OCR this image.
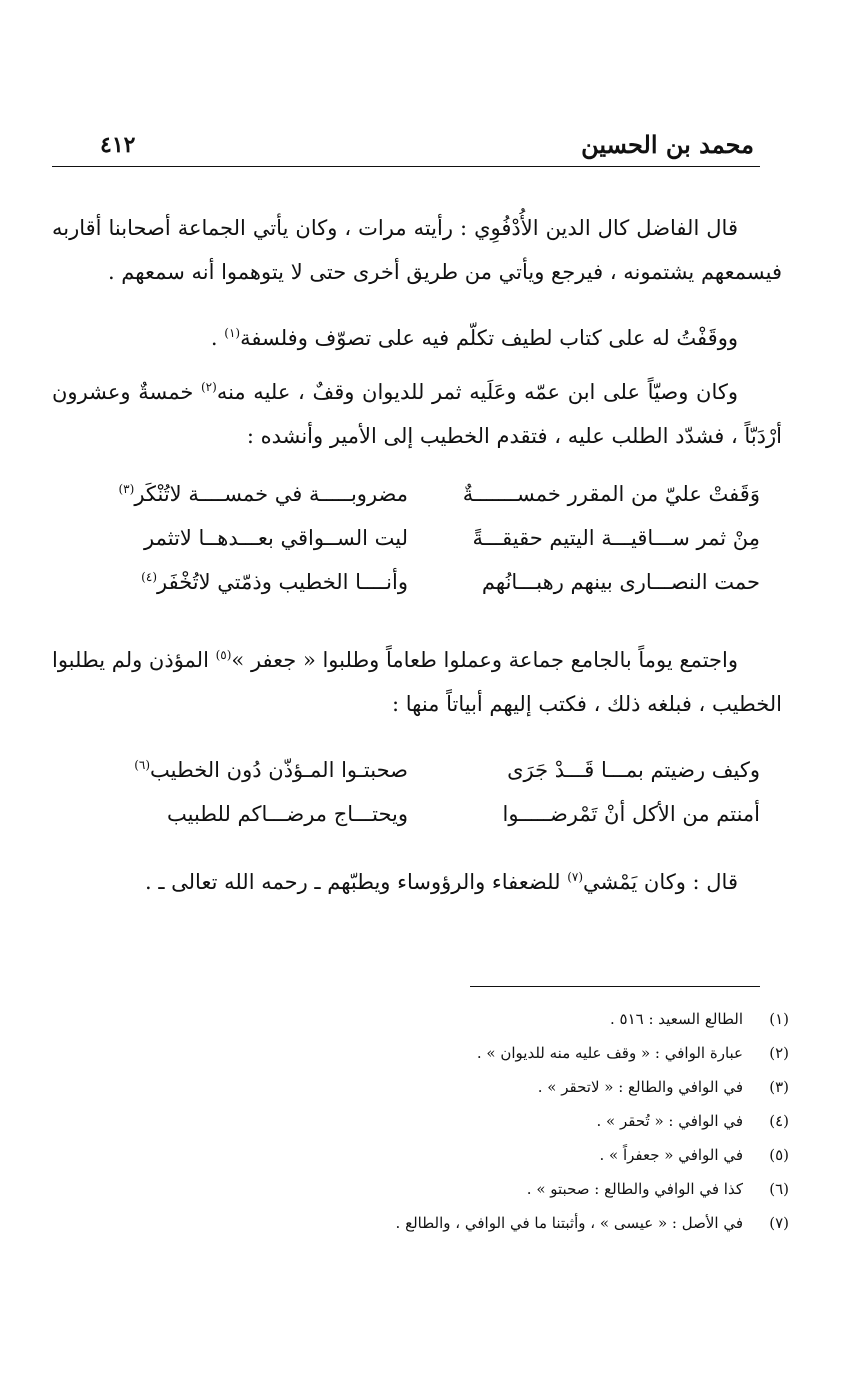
محمد بن الحسين
٤١٢
قال الفاضل كال الدين الأُدْفُوِي : رأيته مرات ، وكان يأتي الجماعة أصحابنا أقاربه فيسمعهم يشتمونه ، فيرجع ويأتي من طريق أخرى حتى لا يتوهموا أنه سمعهم .
ووقَفْتُ له على كتاب لطيف تكلّم فيه على تصوّف وفلسفة$^{(١)}$ .
وكان وصيّاً على ابن عمّه وعَلَيه ثمر للديوان وقفٌ ، عليه منه$^{(٢)}$ خمسةٌ وعشرون أرْدَبّاً ، فشدّد الطلب عليه ، فتقدم الخطيب إلى الأمير وأنشده :
وَقَفتْ عليّ من المقرر خمســـــــةٌ
مضروبـــــة في خمســــة لاتُنْكَر$^{(٣)}$
مِنْ ثمر ســـاقيـــة اليتيم حقيقـــةً
ليت الســواقي بعـــدهــا لاتثمر
حمت النصـــارى بينهم رهبـــانُهم
وأنــــا الخطيب وذمّتي لاتُخْفَر$^{(٤)}$
واجتمع يوماً بالجامع جماعة وعملوا طعاماً وطلبوا « جعفر »$^{(٥)}$ المؤذن ولم يطلبوا الخطيب ، فبلغه ذلك ، فكتب إليهم أبياتاً منها :
وكيف رضيتم بمـــا قَـــدْ جَرَى
صحبتـوا المـؤذّن دُون الخطيب$^{(٦)}$
أمنتم من الأكل أنْ تَمْرضـــــوا
ويحتـــاج مرضـــاكم للطبيب
قال : وكان يَمْشي$^{(٧)}$ للضعفاء والرؤوساء ويطبّهم ـ رحمه الله تعالى ـ .
(١)
الطالع السعيد : ٥١٦ .
(٢)
عبارة الوافي : « وقف عليه منه للديوان » .
(٣)
في الوافي والطالع : « لاتحقر » .
(٤)
في الوافي : « تُحقر » .
(٥)
في الوافي « جعفراً » .
(٦)
كذا في الوافي والطالع : صحبتو » .
(٧)
في الأصل : « عيسى » ، وأثبتنا ما في الوافي ، والطالع .
